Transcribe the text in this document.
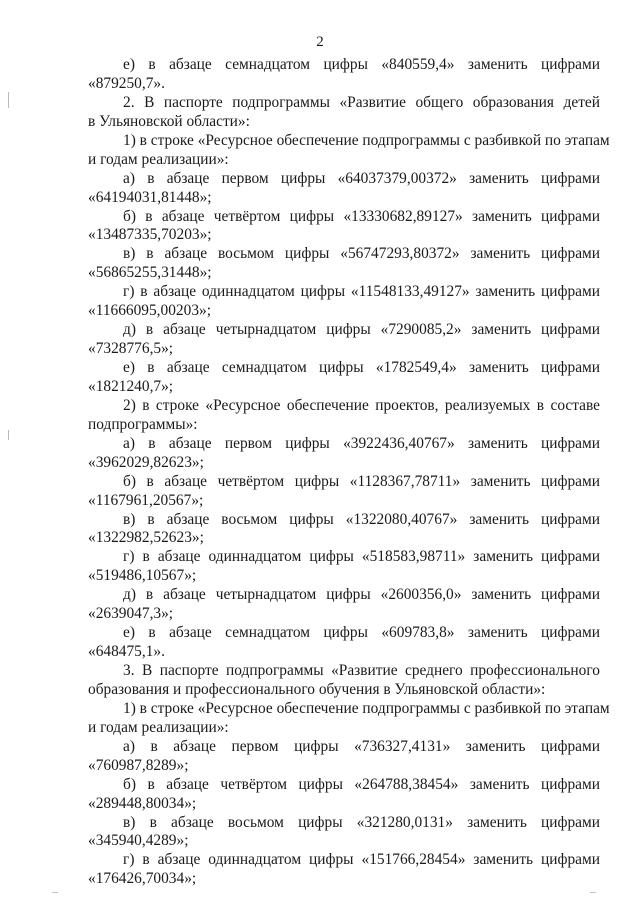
2
е) в абзаце семнадцатом цифры «840559,4» заменить цифрами
«879250,7».
2. В паспорте подпрограммы «Развитие общего образования детей
в Ульяновской области»:
1) в строке «Ресурсное обеспечение подпрограммы с разбивкой по этапам
и годам реализации»:
а) в абзаце первом цифры «64037379,00372» заменить цифрами
«64194031,81448»;
б) в абзаце четвёртом цифры «13330682,89127» заменить цифрами
«13487335,70203»;
в) в абзаце восьмом цифры «56747293,80372» заменить цифрами
«56865255,31448»;
г) в абзаце одиннадцатом цифры «11548133,49127» заменить цифрами
«11666095,00203»;
д) в абзаце четырнадцатом цифры «7290085,2» заменить цифрами
«7328776,5»;
е) в абзаце семнадцатом цифры «1782549,4» заменить цифрами
«1821240,7»;
2) в строке «Ресурсное обеспечение проектов, реализуемых в составе
подпрограммы»:
а) в абзаце первом цифры «3922436,40767» заменить цифрами
«3962029,82623»;
б) в абзаце четвёртом цифры «1128367,78711» заменить цифрами
«1167961,20567»;
в) в абзаце восьмом цифры «1322080,40767» заменить цифрами
«1322982,52623»;
г) в абзаце одиннадцатом цифры «518583,98711» заменить цифрами
«519486,10567»;
д) в абзаце четырнадцатом цифры «2600356,0» заменить цифрами
«2639047,3»;
е) в абзаце семнадцатом цифры «609783,8» заменить цифрами
«648475,1».
3. В паспорте подпрограммы «Развитие среднего профессионального
образования и профессионального обучения в Ульяновской области»:
1) в строке «Ресурсное обеспечение подпрограммы с разбивкой по этапам
и годам реализации»:
а) в абзаце первом цифры «736327,4131» заменить цифрами
«760987,8289»;
б) в абзаце четвёртом цифры «264788,38454» заменить цифрами
«289448,80034»;
в) в абзаце восьмом цифры «321280,0131» заменить цифрами
«345940,4289»;
г) в абзаце одиннадцатом цифры «151766,28454» заменить цифрами
«176426,70034»;
